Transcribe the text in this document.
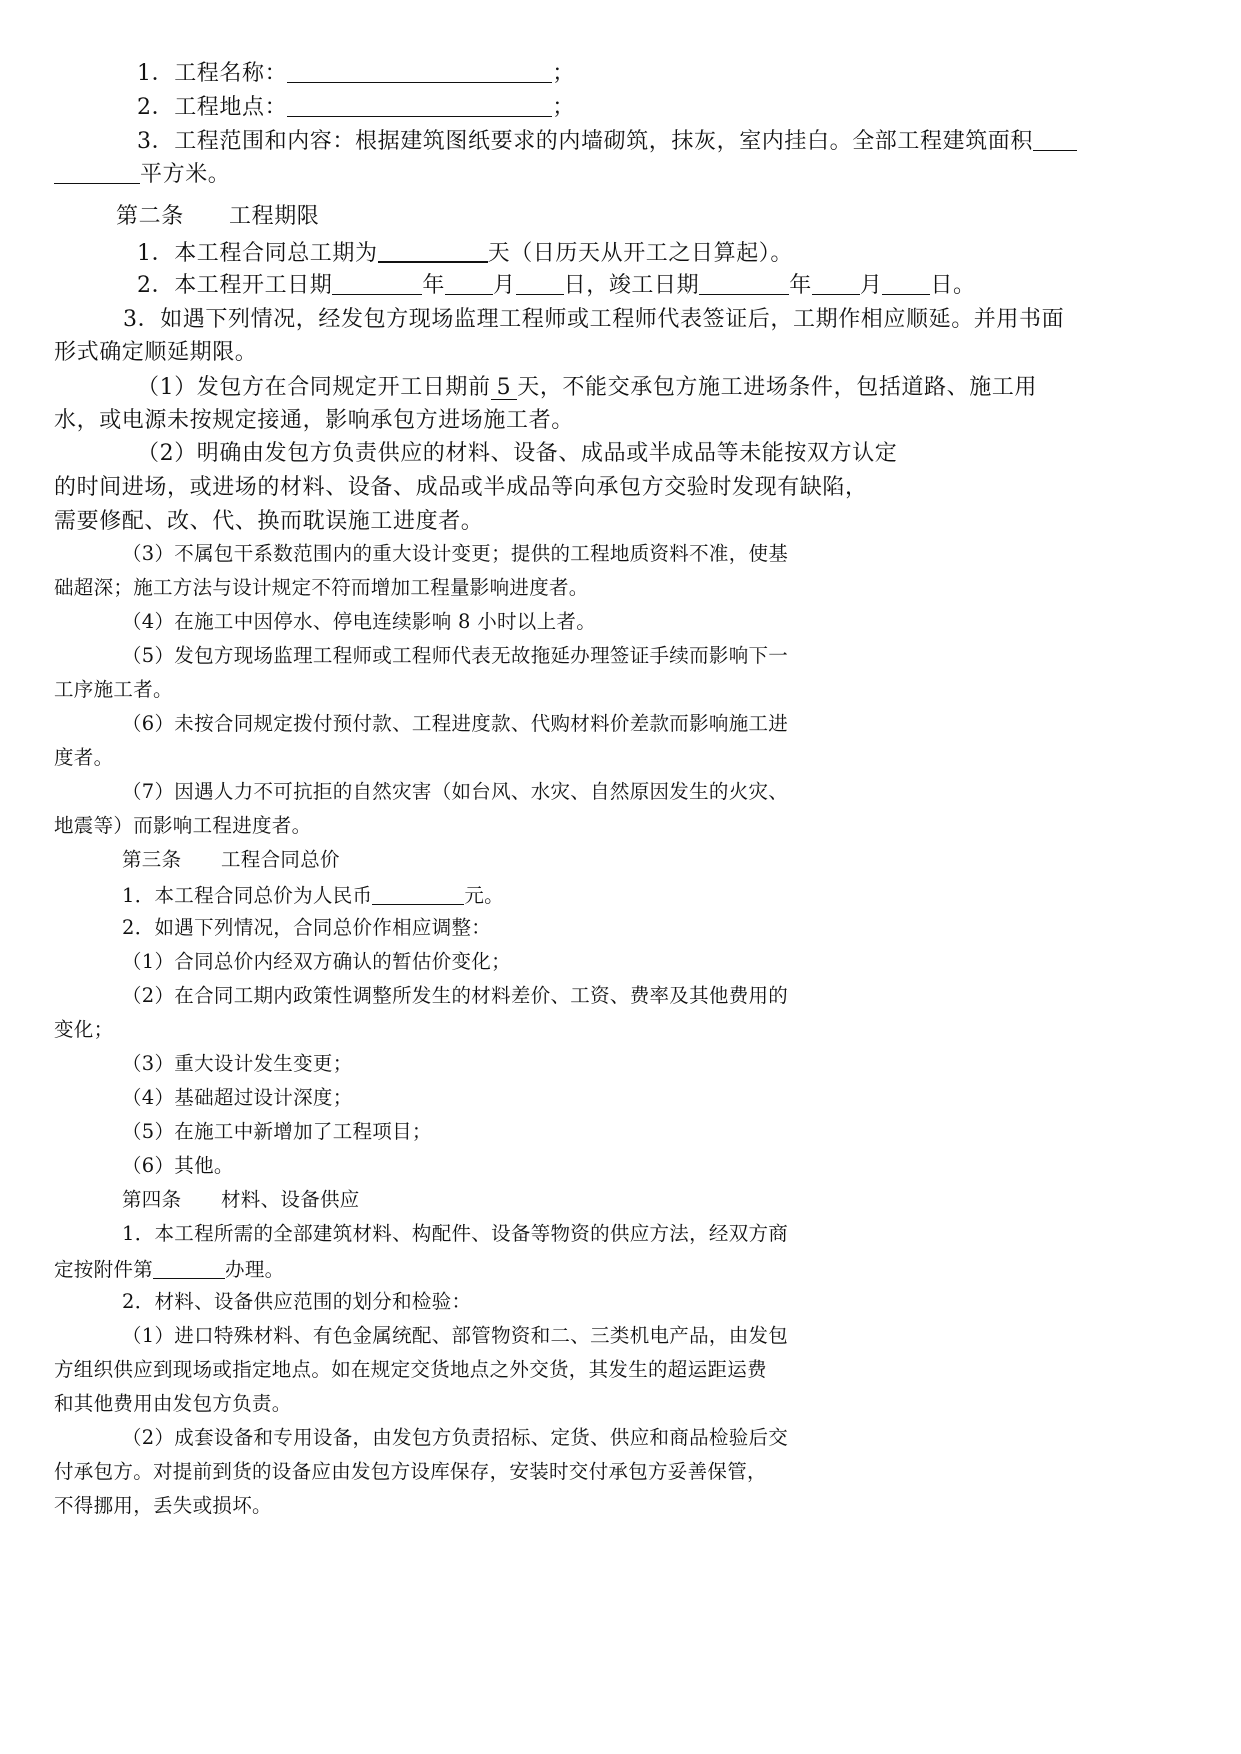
1．工程名称：	；
2．工程地点：	；
3．工程范围和内容：根据建筑图纸要求的内墙砌筑，抹灰，室内挂白。全部工程建筑面积
平方米。
第二条　　工程期限
1．本工程合同总工期为	天（日历天从开工之日算起）。
2．本工程开工日期	年 月 日，竣工日期	年 月 日。
3．如遇下列情况，经发包方现场监理工程师或工程师代表签证后，工期作相应顺延。并用书面
形式确定顺延期限。
（1）发包方在合同规定开工日期前 5 天，不能交承包方施工进场条件，包括道路、施工用
水，或电源未按规定接通，影响承包方进场施工者。
（2）明确由发包方负责供应的材料、设备、成品或半成品等未能按双方认定
的时间进场，或进场的材料、设备、成品或半成品等向承包方交验时发现有缺陷，
需要修配、改、代、换而耽误施工进度者。
（3）不属包干系数范围内的重大设计变更；提供的工程地质资料不准，使基
础超深；施工方法与设计规定不符而增加工程量影响进度者。
（4）在施工中因停水、停电连续影响 8 小时以上者。
（5）发包方现场监理工程师或工程师代表无故拖延办理签证手续而影响下一
工序施工者。
（6）未按合同规定拨付预付款、工程进度款、代购材料价差款而影响施工进
度者。
（7）因遇人力不可抗拒的自然灾害（如台风、水灾、自然原因发生的火灾、
地震等）而影响工程进度者。
第三条　　工程合同总价
1．本工程合同总价为人民币	元。
2．如遇下列情况，合同总价作相应调整：
（1）合同总价内经双方确认的暂估价变化；
（2）在合同工期内政策性调整所发生的材料差价、工资、费率及其他费用的
变化；
（3）重大设计发生变更；
（4）基础超过设计深度；
（5）在施工中新增加了工程项目；
（6）其他。
第四条　　材料、设备供应
1．本工程所需的全部建筑材料、构配件、设备等物资的供应方法，经双方商
定按附件第	办理。
2．材料、设备供应范围的划分和检验：
（1）进口特殊材料、有色金属统配、部管物资和二、三类机电产品，由发包
方组织供应到现场或指定地点。如在规定交货地点之外交货，其发生的超运距运费
和其他费用由发包方负责。
（2）成套设备和专用设备，由发包方负责招标、定货、供应和商品检验后交
付承包方。对提前到货的设备应由发包方设库保存，安装时交付承包方妥善保管，
不得挪用，丢失或损坏。
